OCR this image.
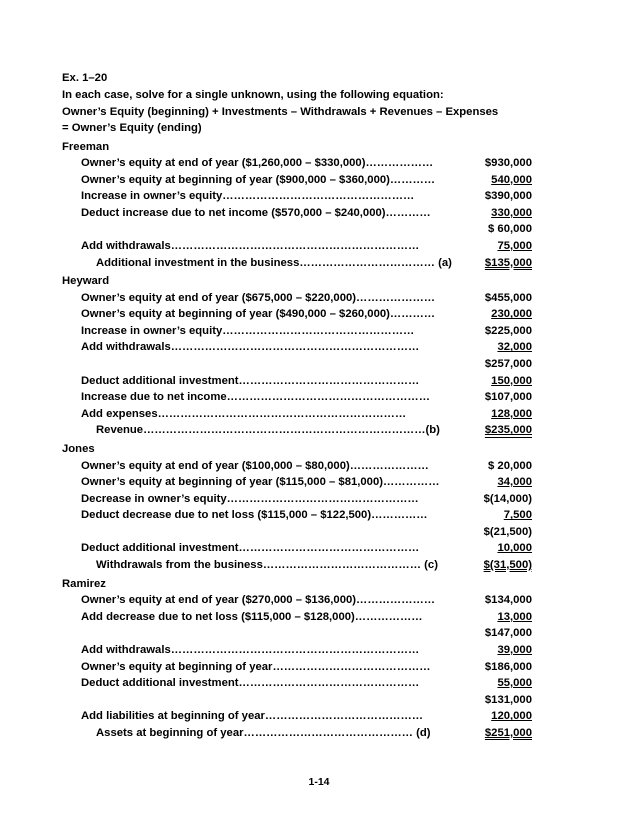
Ex. 1–20
In each case, solve for a single unknown, using the following equation:
Owner’s Equity (beginning) + Investments – Withdrawals + Revenues – Expenses
= Owner’s Equity (ending)
Freeman
Owner’s equity at end of year ($1,260,000 – $330,000)………………	$930,000
Owner’s equity at beginning of year ($900,000 – $360,000)…………	540,000
Increase in owner’s equity……………………………………………	$390,000
Deduct increase due to net income ($570,000 – $240,000)…………	330,000
$ 60,000
Add withdrawals…………………………………………………………	75,000
Additional investment in the business……………………………… (a)	$135,000
Heyward
Owner’s equity at end of year ($675,000 – $220,000)…………………	$455,000
Owner’s equity at beginning of year ($490,000 – $260,000)…………	230,000
Increase in owner’s equity……………………………………………	$225,000
Add withdrawals…………………………………………………………	32,000
$257,000
Deduct additional investment…………………………………………	150,000
Increase due to net income………………………………………………	$107,000
Add expenses…………………………………………………………	128,000
Revenue…………………………………………………………………(b)	$235,000
Jones
Owner’s equity at end of year ($100,000 – $80,000)…………………	$ 20,000
Owner’s equity at beginning of year ($115,000 – $81,000)……………	34,000
Decrease in owner’s equity……………………………………………	$(14,000)
Deduct decrease due to net loss ($115,000 – $122,500)……………	7,500
$(21,500)
Deduct additional investment…………………………………………	10,000
Withdrawals from the business…………………………………… (c)	$(31,500)
Ramirez
Owner’s equity at end of year ($270,000 – $136,000)…………………	$134,000
Add decrease due to net loss ($115,000 – $128,000)………………	13,000
$147,000
Add withdrawals…………………………………………………………	39,000
Owner’s equity at beginning of year……………………………………	$186,000
Deduct additional investment…………………………………………	55,000
$131,000
Add liabilities at beginning of year……………………………………	120,000
Assets at beginning of year……………………………………… (d)	$251,000
1-14
